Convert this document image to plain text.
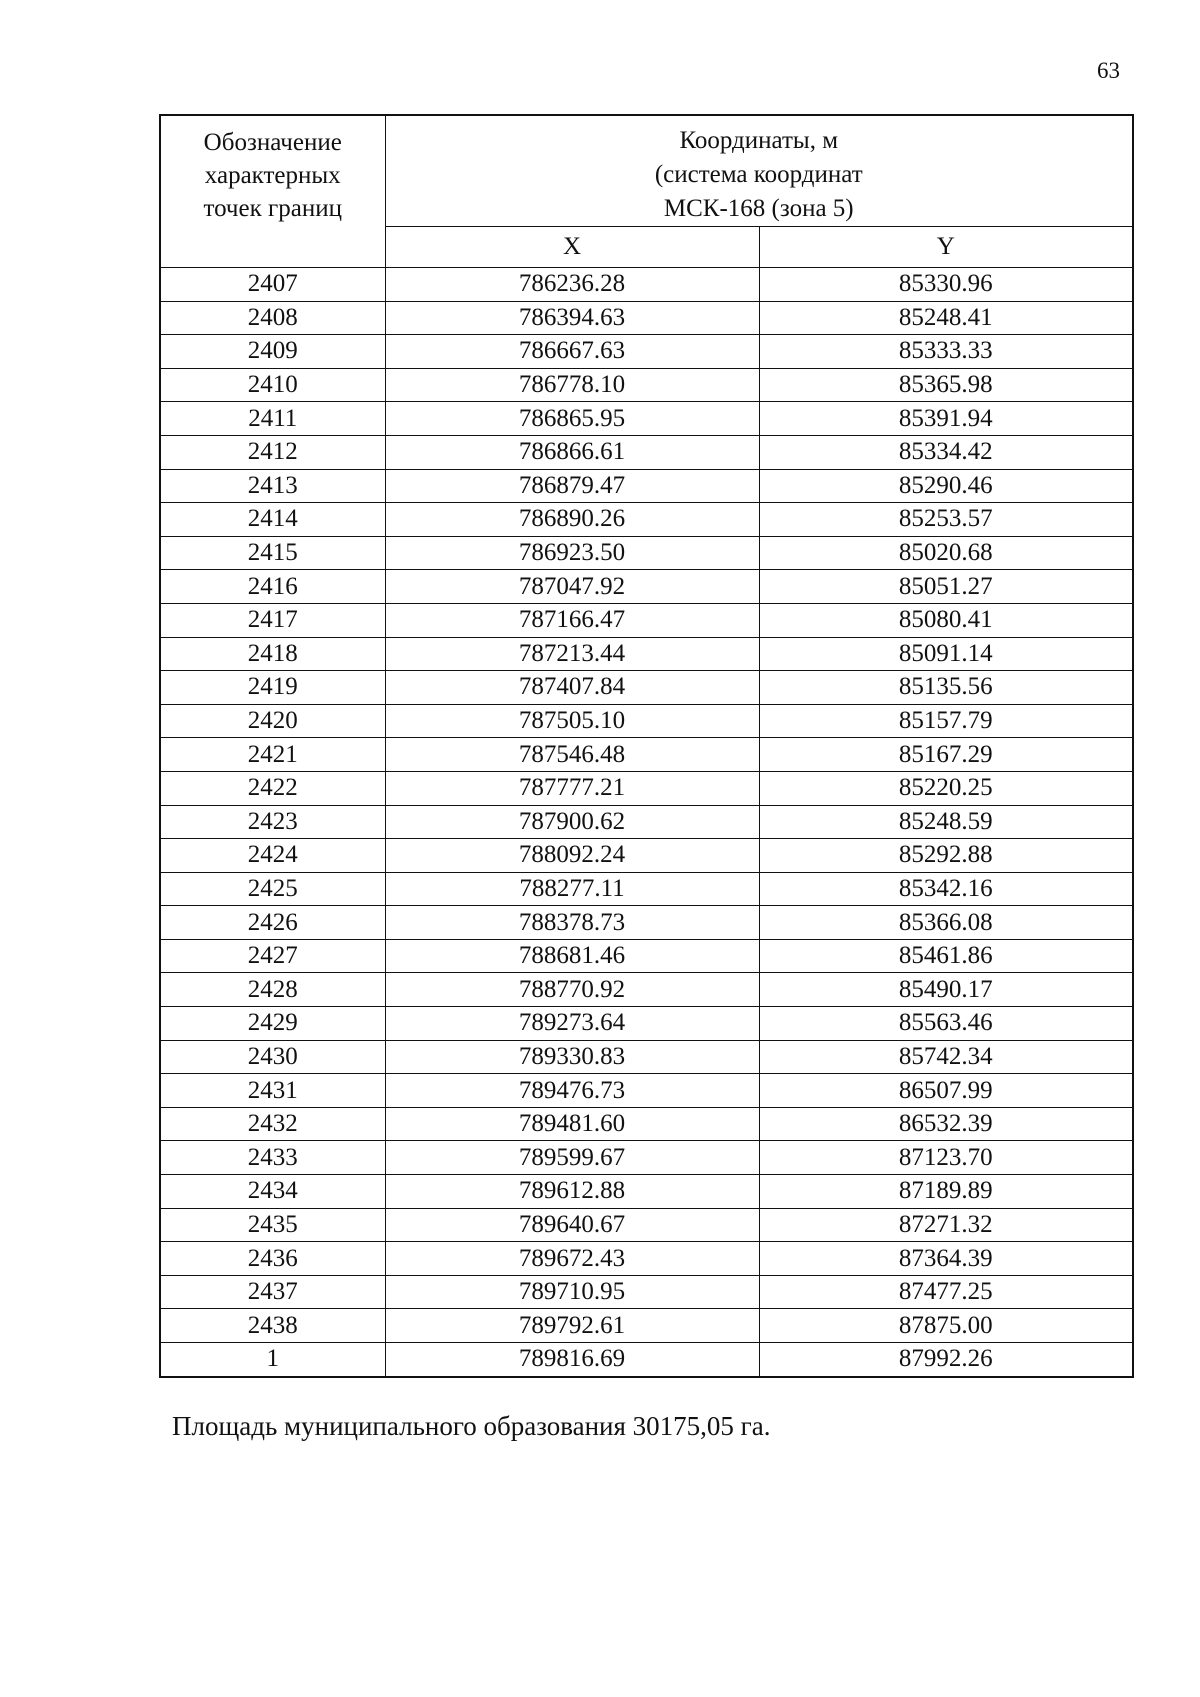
63
Обозначение
характерных
точек границ	Координаты, м
(система координат
МСК-168 (зона 5)	

	X	Y
2407	786236.28	85330.96
2408	786394.63	85248.41
2409	786667.63	85333.33
2410	786778.10	85365.98
2411	786865.95	85391.94
2412	786866.61	85334.42
2413	786879.47	85290.46
2414	786890.26	85253.57
2415	786923.50	85020.68
2416	787047.92	85051.27
2417	787166.47	85080.41
2418	787213.44	85091.14
2419	787407.84	85135.56
2420	787505.10	85157.79
2421	787546.48	85167.29
2422	787777.21	85220.25
2423	787900.62	85248.59
2424	788092.24	85292.88
2425	788277.11	85342.16
2426	788378.73	85366.08
2427	788681.46	85461.86
2428	788770.92	85490.17
2429	789273.64	85563.46
2430	789330.83	85742.34
2431	789476.73	86507.99
2432	789481.60	86532.39
2433	789599.67	87123.70
2434	789612.88	87189.89
2435	789640.67	87271.32
2436	789672.43	87364.39
2437	789710.95	87477.25
2438	789792.61	87875.00
1	789816.69	87992.26
Площадь муниципального образования 30175,05 га.
